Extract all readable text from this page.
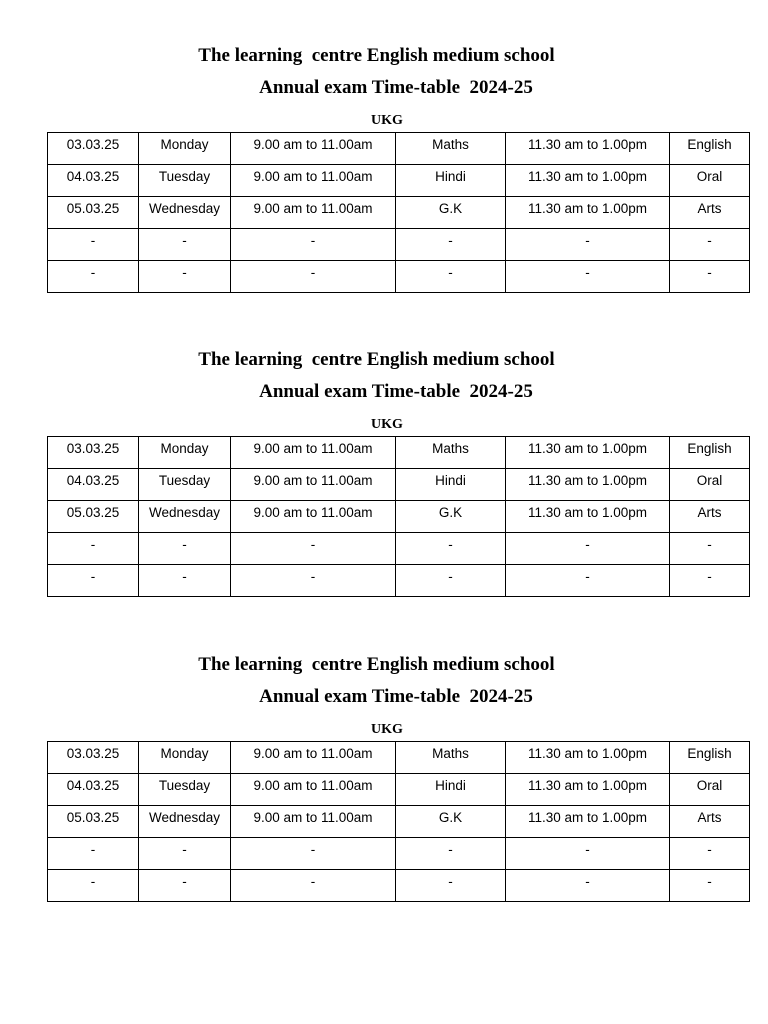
The learning  centre English medium school
Annual exam Time-table  2024-25
UKG
03.03.25	Monday	9.00 am to 11.00am	Maths	11.30 am to 1.00pm	English
04.03.25	Tuesday	9.00 am to 11.00am	Hindi	11.30 am to 1.00pm	Oral
05.03.25	Wednesday	9.00 am to 11.00am	G.K	11.30 am to 1.00pm	Arts
-	-	-	-	-	-
-	-	-	-	-	-
The learning  centre English medium school
Annual exam Time-table  2024-25
UKG
03.03.25	Monday	9.00 am to 11.00am	Maths	11.30 am to 1.00pm	English
04.03.25	Tuesday	9.00 am to 11.00am	Hindi	11.30 am to 1.00pm	Oral
05.03.25	Wednesday	9.00 am to 11.00am	G.K	11.30 am to 1.00pm	Arts
-	-	-	-	-	-
-	-	-	-	-	-
The learning  centre English medium school
Annual exam Time-table  2024-25
UKG
03.03.25	Monday	9.00 am to 11.00am	Maths	11.30 am to 1.00pm	English
04.03.25	Tuesday	9.00 am to 11.00am	Hindi	11.30 am to 1.00pm	Oral
05.03.25	Wednesday	9.00 am to 11.00am	G.K	11.30 am to 1.00pm	Arts
-	-	-	-	-	-
-	-	-	-	-	-
